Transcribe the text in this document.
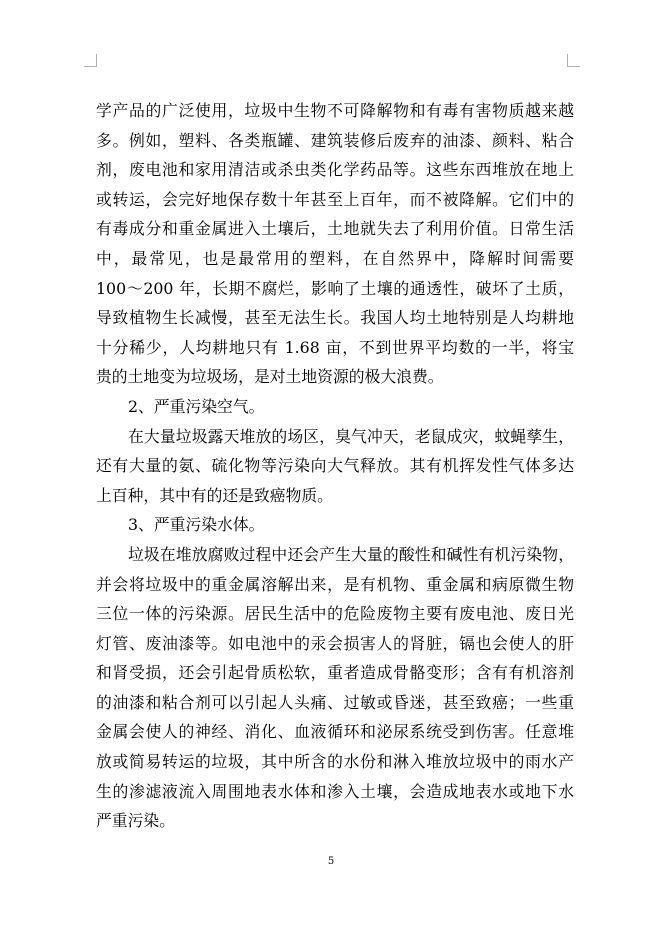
学产品的广泛使用，垃圾中生物不可降解物和有毒有害物质越来越
多。例如，塑料、各类瓶罐、建筑装修后废弃的油漆、颜料、粘合
剂，废电池和家用清洁或杀虫类化学药品等。这些东西堆放在地上
或转运，会完好地保存数十年甚至上百年，而不被降解。它们中的
有毒成分和重金属进入土壤后，土地就失去了利用价值。日常生活
中，最常见，也是最常用的塑料，在自然界中，降解时间需要
100～200 年，长期不腐烂，影响了土壤的通透性，破坏了土质，
导致植物生长减慢，甚至无法生长。我国人均土地特别是人均耕地
十分稀少，人均耕地只有 1.68 亩，不到世界平均数的一半，将宝
贵的土地变为垃圾场，是对土地资源的极大浪费。
2、严重污染空气。
在大量垃圾露天堆放的场区，臭气冲天，老鼠成灾，蚊蝇孳生，
还有大量的氨、硫化物等污染向大气释放。其有机挥发性气体多达
上百种，其中有的还是致癌物质。
3、严重污染水体。
垃圾在堆放腐败过程中还会产生大量的酸性和碱性有机污染物，
并会将垃圾中的重金属溶解出来，是有机物、重金属和病原微生物
三位一体的污染源。居民生活中的危险废物主要有废电池、废日光
灯管、废油漆等。如电池中的汞会损害人的肾脏，镉也会使人的肝
和肾受损，还会引起骨质松软，重者造成骨骼变形；含有有机溶剂
的油漆和粘合剂可以引起人头痛、过敏或昏迷，甚至致癌；一些重
金属会使人的神经、消化、血液循环和泌尿系统受到伤害。任意堆
放或简易转运的垃圾，其中所含的水份和淋入堆放垃圾中的雨水产
生的渗滤液流入周围地表水体和渗入土壤，会造成地表水或地下水
严重污染。
5
